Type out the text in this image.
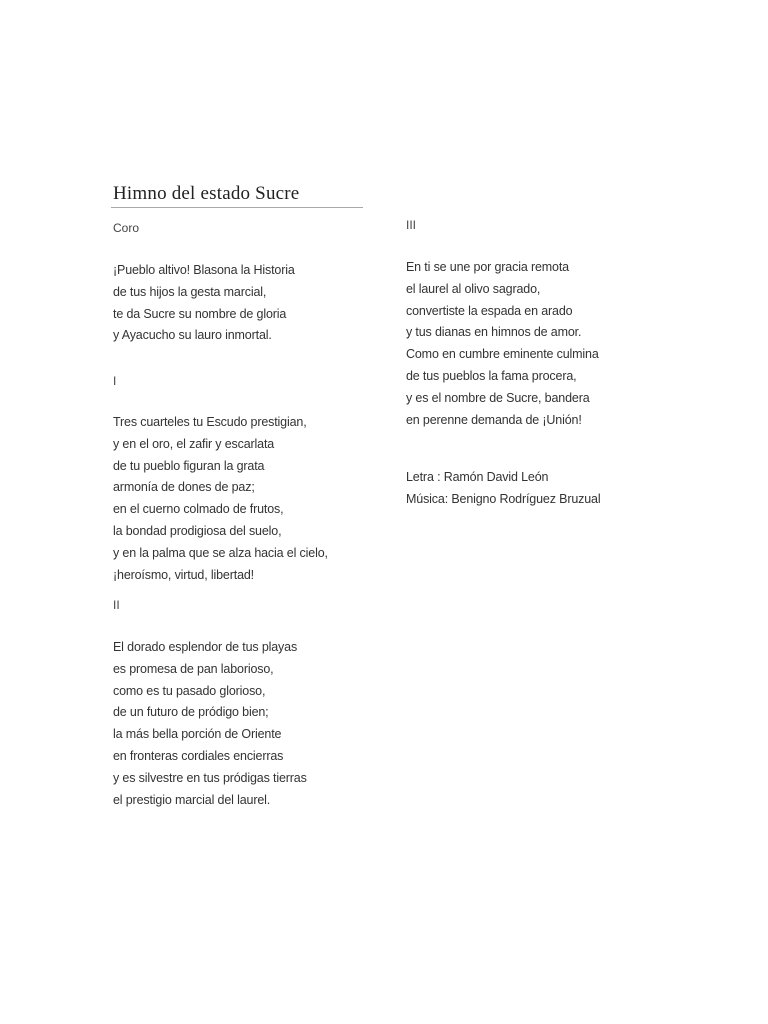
Himno del estado Sucre
Coro
¡Pueblo altivo! Blasona la Historia
de tus hijos la gesta marcial,
te da Sucre su nombre de gloria
y Ayacucho su lauro inmortal.
I
Tres cuarteles tu Escudo prestigian,
y en el oro, el zafir y escarlata
de tu pueblo figuran la grata
armonía de dones de paz;
en el cuerno colmado de frutos,
la bondad prodigiosa del suelo,
y en la palma que se alza hacia el cielo,
¡heroísmo, virtud, libertad!
II
El dorado esplendor de tus playas
es promesa de pan laborioso,
como es tu pasado glorioso,
de un futuro de pródigo bien;
la más bella porción de Oriente
en fronteras cordiales encierras
y es silvestre en tus pródigas tierras
el prestigio marcial del laurel.
III
En ti se une por gracia remota
el laurel al olivo sagrado,
convertiste la espada en arado
y tus dianas en himnos de amor.
Como en cumbre eminente culmina
de tus pueblos la fama procera,
y es el nombre de Sucre, bandera
en perenne demanda de ¡Unión!
Letra : Ramón David León
Música: Benigno Rodríguez Bruzual
